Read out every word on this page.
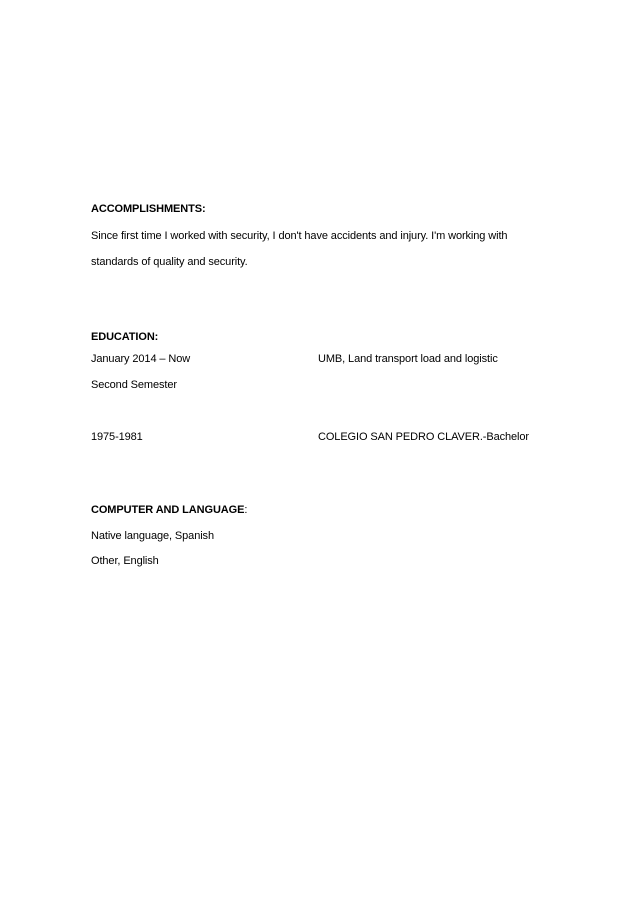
ACCOMPLISHMENTS:
Since first time I worked with security, I don't have accidents and injury. I'm working with
standards of quality and security.
EDUCATION:
January 2014 – Now	UMB, Land transport load and logistic
Second Semester
1975-1981	COLEGIO SAN PEDRO CLAVER.-Bachelor
COMPUTER AND LANGUAGE:
Native language, Spanish
Other, English
